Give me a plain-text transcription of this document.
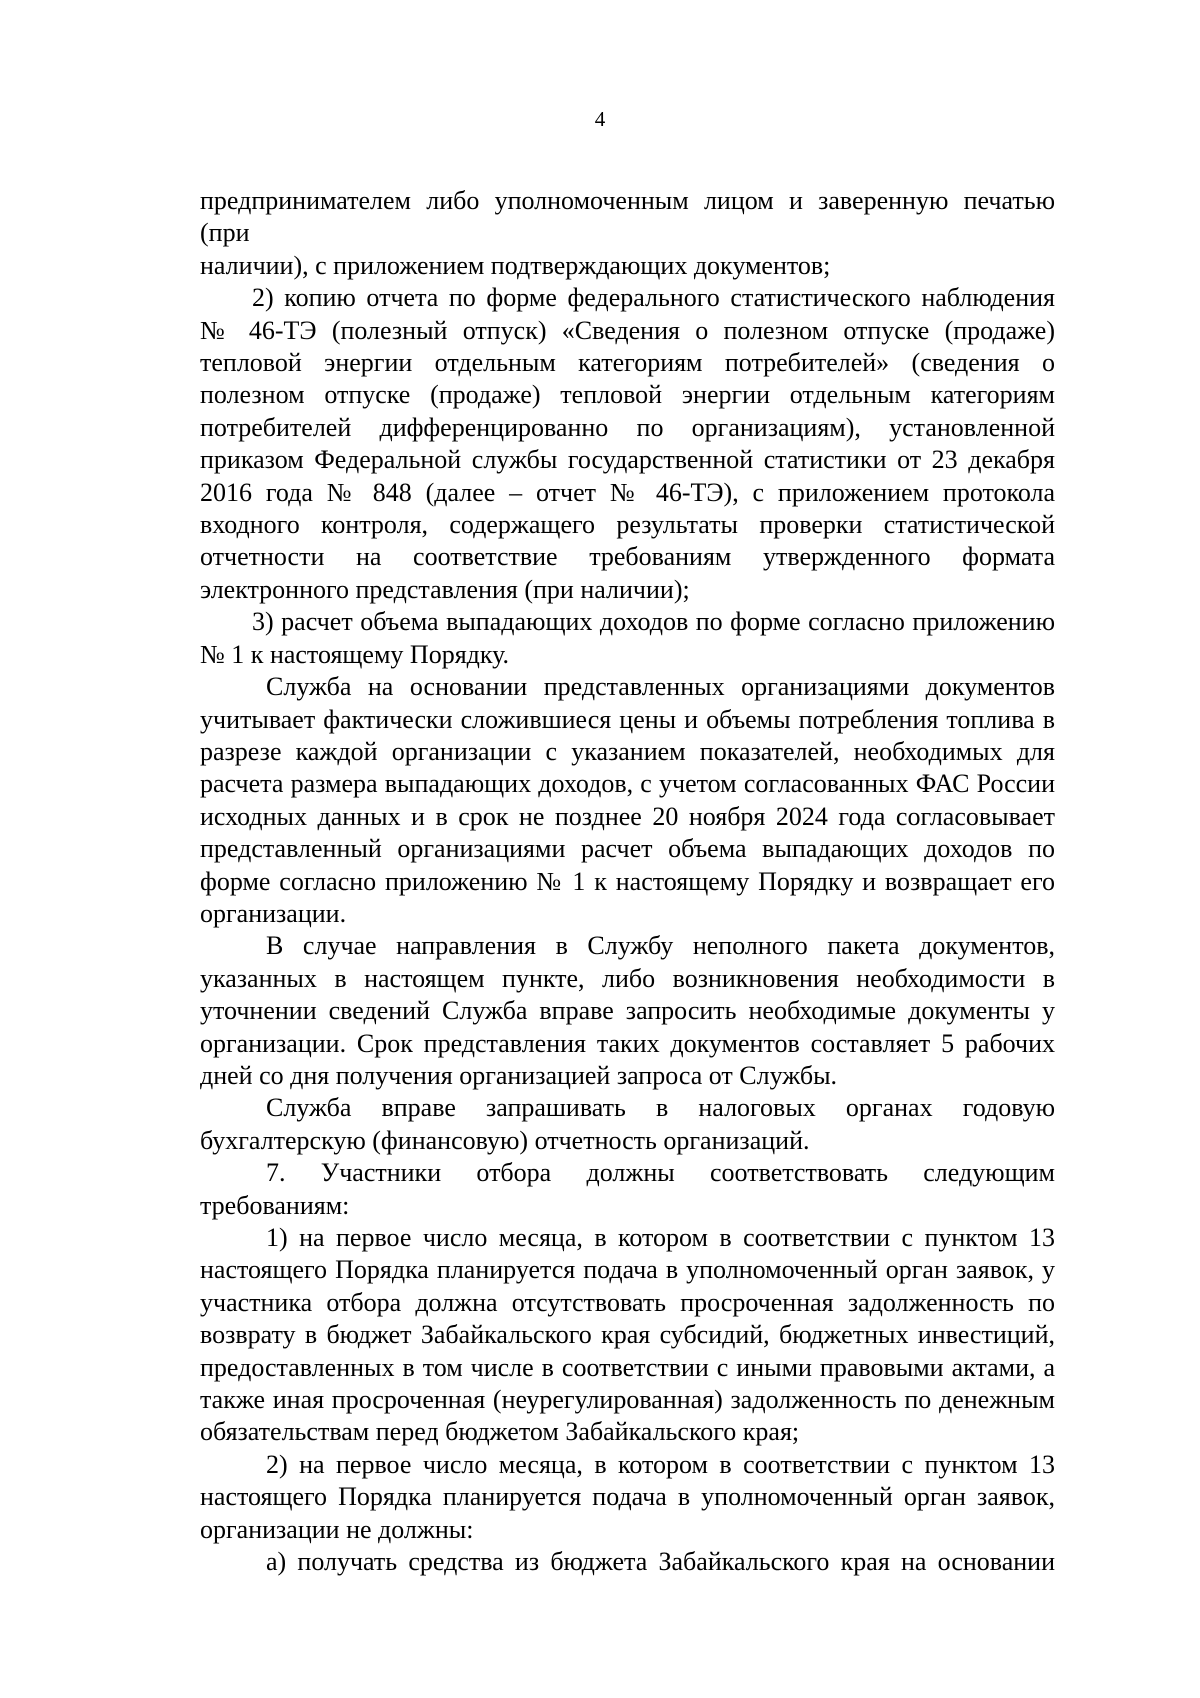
4

предпринимателем либо уполномоченным лицом и заверенную печатью (при

наличии), с приложением подтверждающих документов;

2) копию отчета по форме федерального статистического наблюдения

№ 46-ТЭ (полезный отпуск) «Сведения о полезном отпуске (продаже)

тепловой энергии отдельным категориям потребителей» (сведения о

полезном отпуске (продаже) тепловой энергии отдельным категориям

потребителей дифференцированно по организациям), установленной

приказом Федеральной службы государственной статистики от 23 декабря

2016 года № 848 (далее – отчет № 46-ТЭ), с приложением протокола

входного контроля, содержащего результаты проверки статистической

отчетности на соответствие требованиям утвержденного формата

электронного представления (при наличии);

3) расчет объема выпадающих доходов по форме согласно приложению

№ 1 к настоящему Порядку.

Служба на основании представленных организациями документов

учитывает фактически сложившиеся цены и объемы потребления топлива в

разрезе каждой организации с указанием показателей, необходимых для

расчета размера выпадающих доходов, с учетом согласованных ФАС России

исходных данных и в срок не позднее 20 ноября 2024 года согласовывает

представленный организациями расчет объема выпадающих доходов по

форме согласно приложению № 1 к настоящему Порядку и возвращает его

организации.

В случае направления в Службу неполного пакета документов,

указанных в настоящем пункте, либо возникновения необходимости в

уточнении сведений Служба вправе запросить необходимые документы у

организации. Срок представления таких документов составляет 5 рабочих

дней со дня получения организацией запроса от Службы.

Служба вправе запрашивать в налоговых органах годовую

бухгалтерскую (финансовую) отчетность организаций.

7. Участники отбора должны соответствовать следующим

требованиям:

1) на первое число месяца, в котором в соответствии с пунктом 13

настоящего Порядка планируется подача в уполномоченный орган заявок, у

участника отбора должна отсутствовать просроченная задолженность по

возврату в бюджет Забайкальского края субсидий, бюджетных инвестиций,

предоставленных в том числе в соответствии с иными правовыми актами, а

также иная просроченная (неурегулированная) задолженность по денежным

обязательствам перед бюджетом Забайкальского края;

2) на первое число месяца, в котором в соответствии с пунктом 13

настоящего Порядка планируется подача в уполномоченный орган заявок,

организации не должны:

а) получать средства из бюджета Забайкальского края на основании
